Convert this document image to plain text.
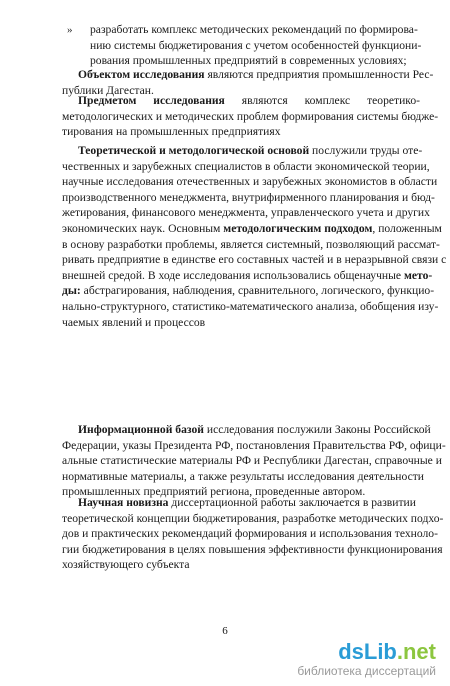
» разработать комплекс методических рекомендаций по формирова-
нию системы бюджетирования с учетом особенностей функциони-
рования промышленных предприятий в современных условиях;
Объектом исследования являются предприятия промышленности Рес-
публики Дагестан.
Предметом исследования являются комплекс теоретико-
методологических и методических проблем формирования системы бюдже-
тирования на промышленных предприятиях
Теоретической и методологической основой послужили труды оте-
чественных и зарубежных специалистов в области экономической теории,
научные исследования отечественных и зарубежных экономистов в области
производственного менеджмента, внутрифирменного планирования и бюд-
жетирования, финансового менеджмента, управленческого учета и других
экономических наук. Основным методологическим подходом, положенным
в основу разработки проблемы, является системный, позволяющий рассмат-
ривать предприятие в единстве его составных частей и в неразрывной связи с
внешней средой. В ходе исследования использовались общенаучные мето-
ды: абстрагирования, наблюдения, сравнительного, логического, функцио-
нально-структурного, статистико-математического анализа, обобщения изу-
чаемых явлений и процессов
Информационной базой исследования послужили Законы Российской
Федерации, указы Президента РФ, постановления Правительства РФ, офици-
альные статистические материалы РФ и Республики Дагестан, справочные и
нормативные материалы, а также результаты исследования деятельности
промышленных предприятий региона, проведенные автором.
Научная новизна диссертационной работы заключается в развитии
теоретической концепции бюджетирования, разработке методических подхо-
дов и практических рекомендаций формирования и использования техноло-
гии бюджетирования в целях повышения эффективности функционирования
хозяйствующего субъекта
6
dsLib.net
библиотека диссертаций
